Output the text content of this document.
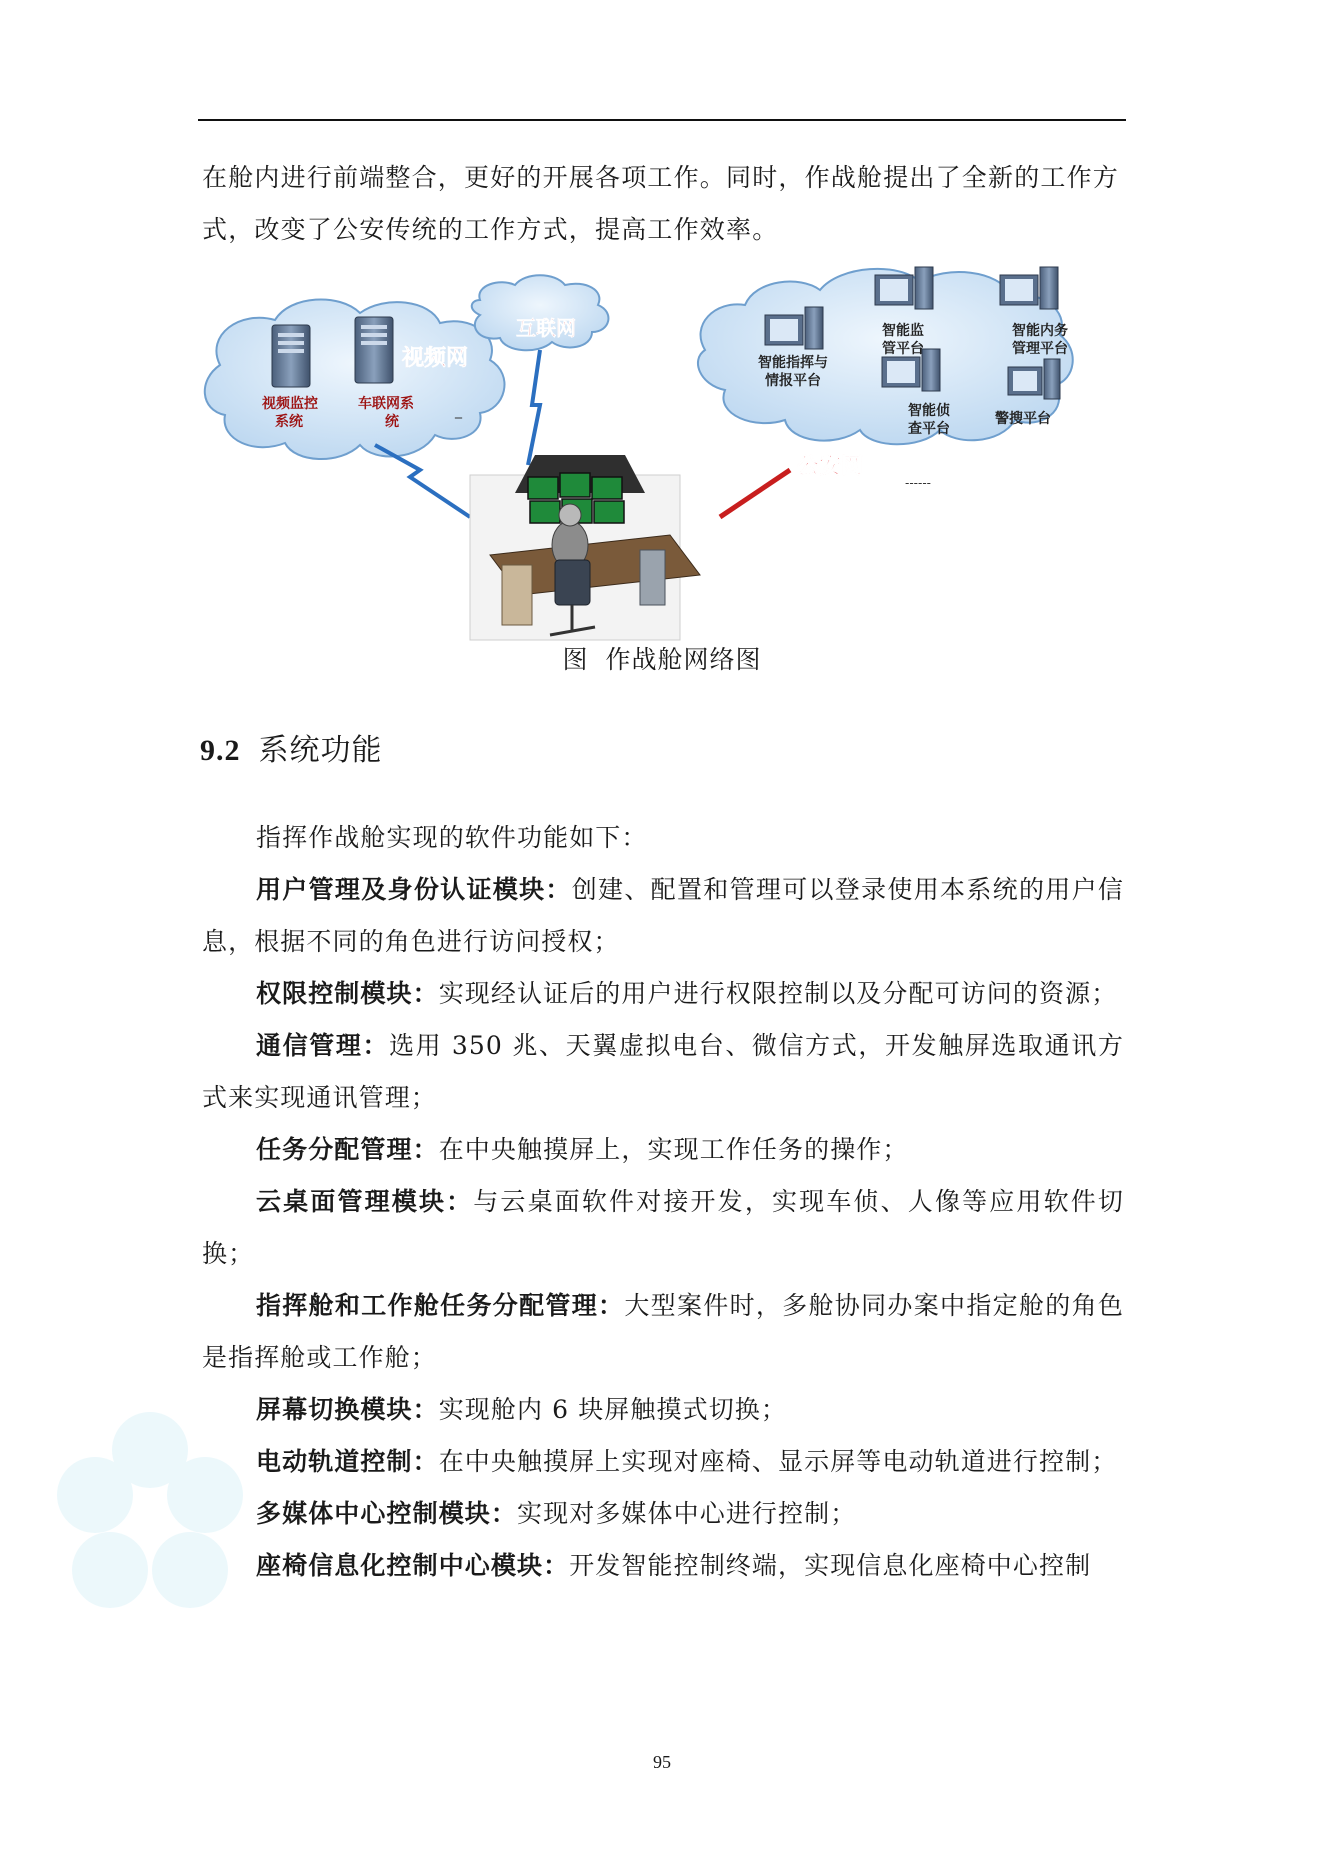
在舱内进行前端整合，更好的开展各项工作。同时，作战舱提出了全新的工作方式，改变了公安传统的工作方式，提高工作效率。

视频网
视频监控
系统
车联网系
统
_
互联网
智能指挥与
情报平台
智能监
管平台
智能内务
管理平台
智能侦
查平台
警搜平台
公安网
------
图 作战舱网络图
9.2 系统功能

指挥作战舱实现的软件功能如下：

用户管理及身份认证模块：创建、配置和管理可以登录使用本系统的用户信息，根据不同的角色进行访问授权；

权限控制模块：实现经认证后的用户进行权限控制以及分配可访问的资源；

通信管理：选用 350 兆、天翼虚拟电台、微信方式，开发触屏选取通讯方式来实现通讯管理；

任务分配管理：在中央触摸屏上，实现工作任务的操作；

云桌面管理模块：与云桌面软件对接开发，实现车侦、人像等应用软件切换；

指挥舱和工作舱任务分配管理：大型案件时，多舱协同办案中指定舱的角色是指挥舱或工作舱；

屏幕切换模块：实现舱内 6 块屏触摸式切换；

电动轨道控制：在中央触摸屏上实现对座椅、显示屏等电动轨道进行控制；

多媒体中心控制模块：实现对多媒体中心进行控制；

座椅信息化控制中心模块：开发智能控制终端，实现信息化座椅中心控制

95
